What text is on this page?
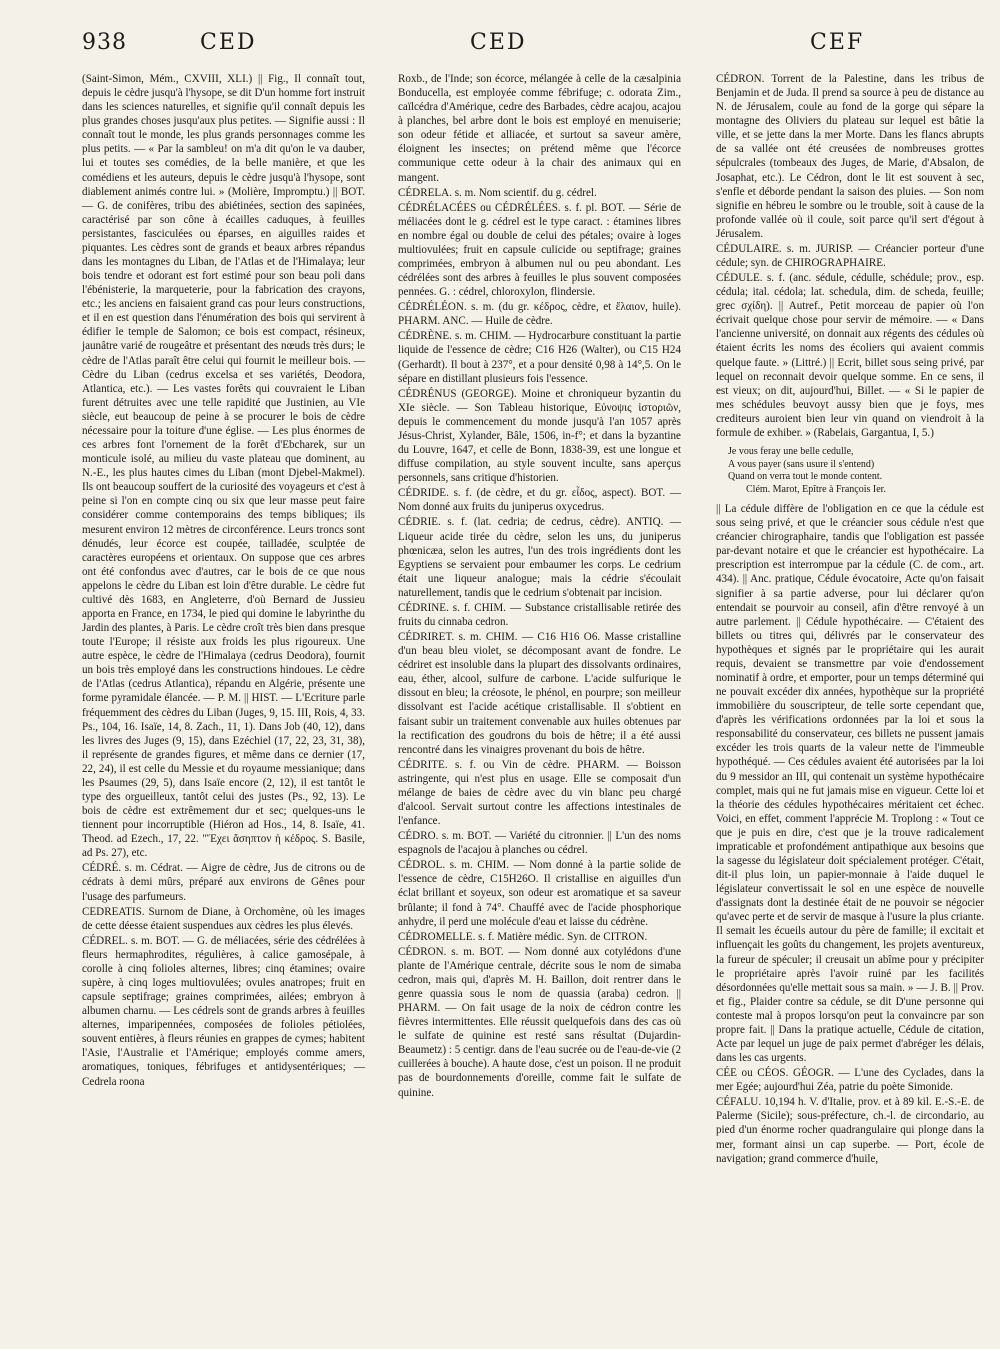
938	CED	CED	CEF

(Saint-Simon, Mém., CXVIII, XLI.) || Fig., Il connaît tout, depuis le cèdre jusqu'à l'hysope, se dit D'un homme fort instruit dans les sciences naturelles, et signifie qu'il connaît depuis les plus grandes choses jusqu'aux plus petites. — Signifie aussi : Il connaît tout le monde, les plus grands personnages comme les plus petits. — « Par la sambleu! on m'a dit qu'on le va dauber, lui et toutes ses comédies, de la belle manière, et que les comédiens et les auteurs, depuis le cèdre jusqu'à l'hysope, sont diablement animés contre lui. » (Molière, Impromptu.) || BOT. — G. de conifères, tribu des abiétinées, section des sapinées, caractérisé par son cône à écailles caduques, à feuilles persistantes, fasciculées ou éparses, en aiguilles raides et piquantes. Les cèdres sont de grands et beaux arbres répandus dans les montagnes du Liban, de l'Atlas et de l'Himalaya; leur bois tendre et odorant est fort estimé pour son beau poli dans l'ébénisterie, la marqueterie, pour la fabrication des crayons, etc.; les anciens en faisaient grand cas pour leurs constructions, et il en est question dans l'énumération des bois qui servirent à édifier le temple de Salomon; ce bois est compact, résineux, jaunâtre varié de rougeâtre et présentant des nœuds très durs; le cèdre de l'Atlas paraît être celui qui fournit le meilleur bois. — Cèdre du Liban (cedrus excelsa et ses variétés, Deodora, Atlantica, etc.). — Les vastes forêts qui couvraient le Liban furent détruites avec une telle rapidité que Justinien, au VIe siècle, eut beaucoup de peine à se procurer le bois de cèdre nécessaire pour la toiture d'une église. — Les plus énormes de ces arbres font l'ornement de la forêt d'Ebcharek, sur un monticule isolé, au milieu du vaste plateau que dominent, au N.-E., les plus hautes cimes du Liban (mont Djebel-Makmel). Ils ont beaucoup souffert de la curiosité des voyageurs et c'est à peine si l'on en compte cinq ou six que leur masse peut faire considérer comme contemporains des temps bibliques; ils mesurent environ 12 mètres de circonférence. Leurs troncs sont dénudés, leur écorce est coupée, tailladée, sculptée de caractères européens et orientaux. On suppose que ces arbres ont été confondus avec d'autres, car le bois de ce que nous appelons le cèdre du Liban est loin d'être durable. Le cèdre fut cultivé dès 1683, en Angleterre, d'où Bernard de Jussieu apporta en France, en 1734, le pied qui domine le labyrinthe du Jardin des plantes, à Paris. Le cèdre croît très bien dans presque toute l'Europe; il résiste aux froids les plus rigoureux. Une autre espèce, le cèdre de l'Himalaya (cedrus Deodora), fournit un bois très employé dans les constructions hindoues. Le cèdre de l'Atlas (cedrus Atlantica), répandu en Algérie, présente une forme pyramidale élancée. — P. M. || HIST. — L'Ecriture parle fréquemment des cèdres du Liban (Juges, 9, 15. III, Rois, 4, 33. Ps., 104, 16. Isaïe, 14, 8. Zach., 11, 1). Dans Job (40, 12), dans les livres des Juges (9, 15), dans Ezéchiel (17, 22, 23, 31, 38), il représente de grandes figures, et même dans ce dernier (17, 22, 24), il est celle du Messie et du royaume messianique; dans les Psaumes (29, 5), dans Isaïe encore (2, 12), il est tantôt le type des orgueilleux, tantôt celui des justes (Ps., 92, 13). Le bois de cèdre est extrêmement dur et sec; quelques-uns le tiennent pour incorruptible (Hiéron ad Hos., 14, 8. Isaïe, 41. Theod. ad Ezech., 17, 22. "Ἔχει ἄσηπτον ἡ κέδρος. S. Basile, ad Ps. 27), etc.

CÉDRÉ. s. m. Cédrat. — Aigre de cèdre, Jus de citrons ou de cédrats à demi mûrs, préparé aux environs de Gênes pour l'usage des parfumeurs.

CEDREATIS. Surnom de Diane, à Orchomène, où les images de cette déesse étaient suspendues aux cèdres les plus élevés.

CÉDREL. s. m. BOT. — G. de méliacées, série des cédrélées à fleurs hermaphrodites, régulières, à calice gamosépale, à corolle à cinq folioles alternes, libres; cinq étamines; ovaire supère, à cinq loges multiovulées; ovules anatropes; fruit en capsule septifrage; graines comprimées, ailées; embryon à albumen charnu. — Les cédrels sont de grands arbres à feuilles alternes, imparipennées, composées de folioles pétiolées, souvent entières, à fleurs réunies en grappes de cymes; habitent l'Asie, l'Australie et l'Amérique; employés comme amers, aromatiques, toniques, fébrifuges et antidysentériques; — Cedrela roona

Roxb., de l'Inde; son écorce, mélangée à celle de la cæsalpinia Bonducella, est employée comme fébrifuge; c. odorata Zim., caïlcédra d'Amérique, cedre des Barbades, cèdre acajou, acajou à planches, bel arbre dont le bois est employé en menuiserie; son odeur fétide et alliacée, et surtout sa saveur amère, éloignent les insectes; on prétend même que l'écorce communique cette odeur à la chair des animaux qui en mangent.

CÉDRELA. s. m. Nom scientif. du g. cédrel.

CÉDRÉLACÉES ou CÉDRÉLÉES. s. f. pl. BOT. — Série de méliacées dont le g. cédrel est le type caract. : étamines libres en nombre égal ou double de celui des pétales; ovaire à loges multiovulées; fruit en capsule culicide ou septifrage; graines comprimées, embryon à albumen nul ou peu abondant. Les cédrélées sont des arbres à feuilles le plus souvent composées pennées. G. : cédrel, chloroxylon, flindersie.

CÉDRÉLÉON. s. m. (du gr. κέδρος, cèdre, et ἔλαιον, huile). PHARM. ANC. — Huile de cèdre.

CÉDRÈNE. s. m. CHIM. — Hydrocarbure constituant la partie liquide de l'essence de cèdre; C16 H26 (Walter), ou C15 H24 (Gerhardt). Il bout à 237°, et a pour densité 0,98 à 14°,5. On le sépare en distillant plusieurs fois l'essence.

CÉDRÉNUS (GEORGE). Moine et chroniqueur byzantin du XIe siècle. — Son Tableau historique, Εὐνοψις ἱστοριῶν, depuis le commencement du monde jusqu'à l'an 1057 après Jésus-Christ, Xylander, Bâle, 1506, in-f°; et dans la byzantine du Louvre, 1647, et celle de Bonn, 1838-39, est une longue et diffuse compilation, au style souvent inculte, sans aperçus personnels, sans critique d'historien.

CÉDRIDE. s. f. (de cèdre, et du gr. εἶδος, aspect). BOT. — Nom donné aux fruits du juniperus oxycedrus.

CÉDRIE. s. f. (lat. cedria; de cedrus, cèdre). ANTIQ. — Liqueur acide tirée du cèdre, selon les uns, du juniperus phœnicæa, selon les autres, l'un des trois ingrédients dont les Egyptiens se servaient pour embaumer les corps. Le cedrium était une liqueur analogue; mais la cédrie s'écoulait naturellement, tandis que le cedrium s'obtenait par incision.

CÉDRINE. s. f. CHIM. — Substance cristallisable retirée des fruits du cinnaba cedron.

CÉDRIRET. s. m. CHIM. — C16 H16 O6. Masse cristalline d'un beau bleu violet, se décomposant avant de fondre. Le cédriret est insoluble dans la plupart des dissolvants ordinaires, eau, éther, alcool, sulfure de carbone. L'acide sulfurique le dissout en bleu; la créosote, le phénol, en pourpre; son meilleur dissolvant est l'acide acétique cristallisable. Il s'obtient en faisant subir un traitement convenable aux huiles obtenues par la rectification des goudrons du bois de hêtre; il a été aussi rencontré dans les vinaigres provenant du bois de hêtre.

CÉDRITE. s. f. ou Vin de cèdre. PHARM. — Boisson astringente, qui n'est plus en usage. Elle se composait d'un mélange de baies de cèdre avec du vin blanc peu chargé d'alcool. Servait surtout contre les affections intestinales de l'enfance.

CÉDRO. s. m. BOT. — Variété du citronnier. || L'un des noms espagnols de l'acajou à planches ou cédrel.

CÉDROL. s. m. CHIM. — Nom donné à la partie solide de l'essence de cèdre, C15H26O. Il cristallise en aiguilles d'un éclat brillant et soyeux, son odeur est aromatique et sa saveur brûlante; il fond à 74°. Chauffé avec de l'acide phosphorique anhydre, il perd une molécule d'eau et laisse du cédrène.

CÉDROMELLE. s. f. Matière médic. Syn. de CITRON.

CÉDRON. s. m. BOT. — Nom donné aux cotylédons d'une plante de l'Amérique centrale, décrite sous le nom de simaba cedron, mais qui, d'après M. H. Baillon, doit rentrer dans le genre quassia sous le nom de quassia (araba) cedron. || PHARM. — On fait usage de la noix de cédron contre les fièvres intermittentes. Elle réussit quelquefois dans des cas où le sulfate de quinine est resté sans résultat (Dujardin-Beaumetz) : 5 centigr. dans de l'eau sucrée ou de l'eau-de-vie (2 cuillerées à bouche). A haute dose, c'est un poison. Il ne produit pas de bourdonnements d'oreille, comme fait le sulfate de quinine.

CÉDRON. Torrent de la Palestine, dans les tribus de Benjamin et de Juda. Il prend sa source à peu de distance au N. de Jérusalem, coule au fond de la gorge qui sépare la montagne des Oliviers du plateau sur lequel est bâtie la ville, et se jette dans la mer Morte. Dans les flancs abrupts de sa vallée ont été creusées de nombreuses grottes sépulcrales (tombeaux des Juges, de Marie, d'Absalon, de Josaphat, etc.). Le Cédron, dont le lit est souvent à sec, s'enfle et déborde pendant la saison des pluies. — Son nom signifie en hébreu le sombre ou le trouble, soit à cause de la profonde vallée où il coule, soit parce qu'il sert d'égout à Jérusalem.

CÉDULAIRE. s. m. JURISP. — Créancier porteur d'une cédule; syn. de CHIROGRAPHAIRE.

CÉDULE. s. f. (anc. sédule, cédulle, schédule; prov., esp. cédula; ital. cédola; lat. schedula, dim. de scheda, feuille; grec σχίδη). || Autref., Petit morceau de papier où l'on écrivait quelque chose pour servir de mémoire. — « Dans l'ancienne université, on donnait aux régents des cédules où étaient écrits les noms des écoliers qui avaient commis quelque faute. » (Littré.) || Ecrit, billet sous seing privé, par lequel on reconnait devoir quelque somme. En ce sens, il est vieux; on dit, aujourd'hui, Billet. — « Si le papier de mes schédules beuvoyt aussy bien que je foys, mes crediteurs auroient bien leur vin quand on viendroit à la formule de exhiber. » (Rabelais, Gargantua, I, 5.)

Je vous feray une belle cedulle,
A vous payer (sans usure il s'entend)
Quand on verra tout le monde content.
Clém. Marot, Epître à François Ier.

|| La cédule diffère de l'obligation en ce que la cédule est sous seing privé, et que le créancier sous cédule n'est que créancier chirographaire, tandis que l'obligation est passée par-devant notaire et que le créancier est hypothécaire. La prescription est interrompue par la cédule (C. de com., art. 434). || Anc. pratique, Cédule évocatoire, Acte qu'on faisait signifier à sa partie adverse, pour lui déclarer qu'on entendait se pourvoir au conseil, afin d'être renvoyé à un autre parlement. || Cédule hypothécaire. — C'étaient des billets ou titres qui, délivrés par le conservateur des hypothèques et signés par le propriétaire qui les aurait requis, devaient se transmettre par voie d'endossement nominatif à ordre, et emporter, pour un temps déterminé qui ne pouvait excéder dix années, hypothèque sur la propriété immobilière du souscripteur, de telle sorte cependant que, d'après les vérifications ordonnées par la loi et sous la responsabilité du conservateur, ces billets ne pussent jamais excéder les trois quarts de la valeur nette de l'immeuble hypothéqué. — Ces cédules avaient été autorisées par la loi du 9 messidor an III, qui contenait un système hypothécaire complet, mais qui ne fut jamais mise en vigueur. Cette loi et la théorie des cédules hypothécaires méritaient cet échec. Voici, en effet, comment l'apprécie M. Troplong : « Tout ce que je puis en dire, c'est que je la trouve radicalement impraticable et profondément antipathique aux besoins que la sagesse du législateur doit spécialement protéger. C'était, dit-il plus loin, un papier-monnaie à l'aide duquel le législateur convertissait le sol en une espèce de nouvelle d'assignats dont la destinée était de ne pouvoir se négocier qu'avec perte et de servir de masque à l'usure la plus criante. Il semait les écueils autour du père de famille; il excitait et influençait les goûts du changement, les projets aventureux, la fureur de spéculer; il creusait un abîme pour y précipiter le propriétaire après l'avoir ruiné par les facilités désordonnées qu'elle mettait sous sa main. » — J. B. || Prov. et fig., Plaider contre sa cédule, se dit D'une personne qui conteste mal à propos lorsqu'on peut la convaincre par son propre fait. || Dans la pratique actuelle, Cédule de citation, Acte par lequel un juge de paix permet d'abréger les délais, dans les cas urgents.

CÉE ou CÉOS. GÉOGR. — L'une des Cyclades, dans la mer Egée; aujourd'hui Zéa, patrie du poète Simonide.

CÉFALU. 10,194 h. V. d'Italie, prov. et à 89 kil. E.-S.-E. de Palerme (Sicile); sous-préfecture, ch.-l. de circondario, au pied d'un énorme rocher quadrangulaire qui plonge dans la mer, formant ainsi un cap superbe. — Port, école de navigation; grand commerce d'huile,
